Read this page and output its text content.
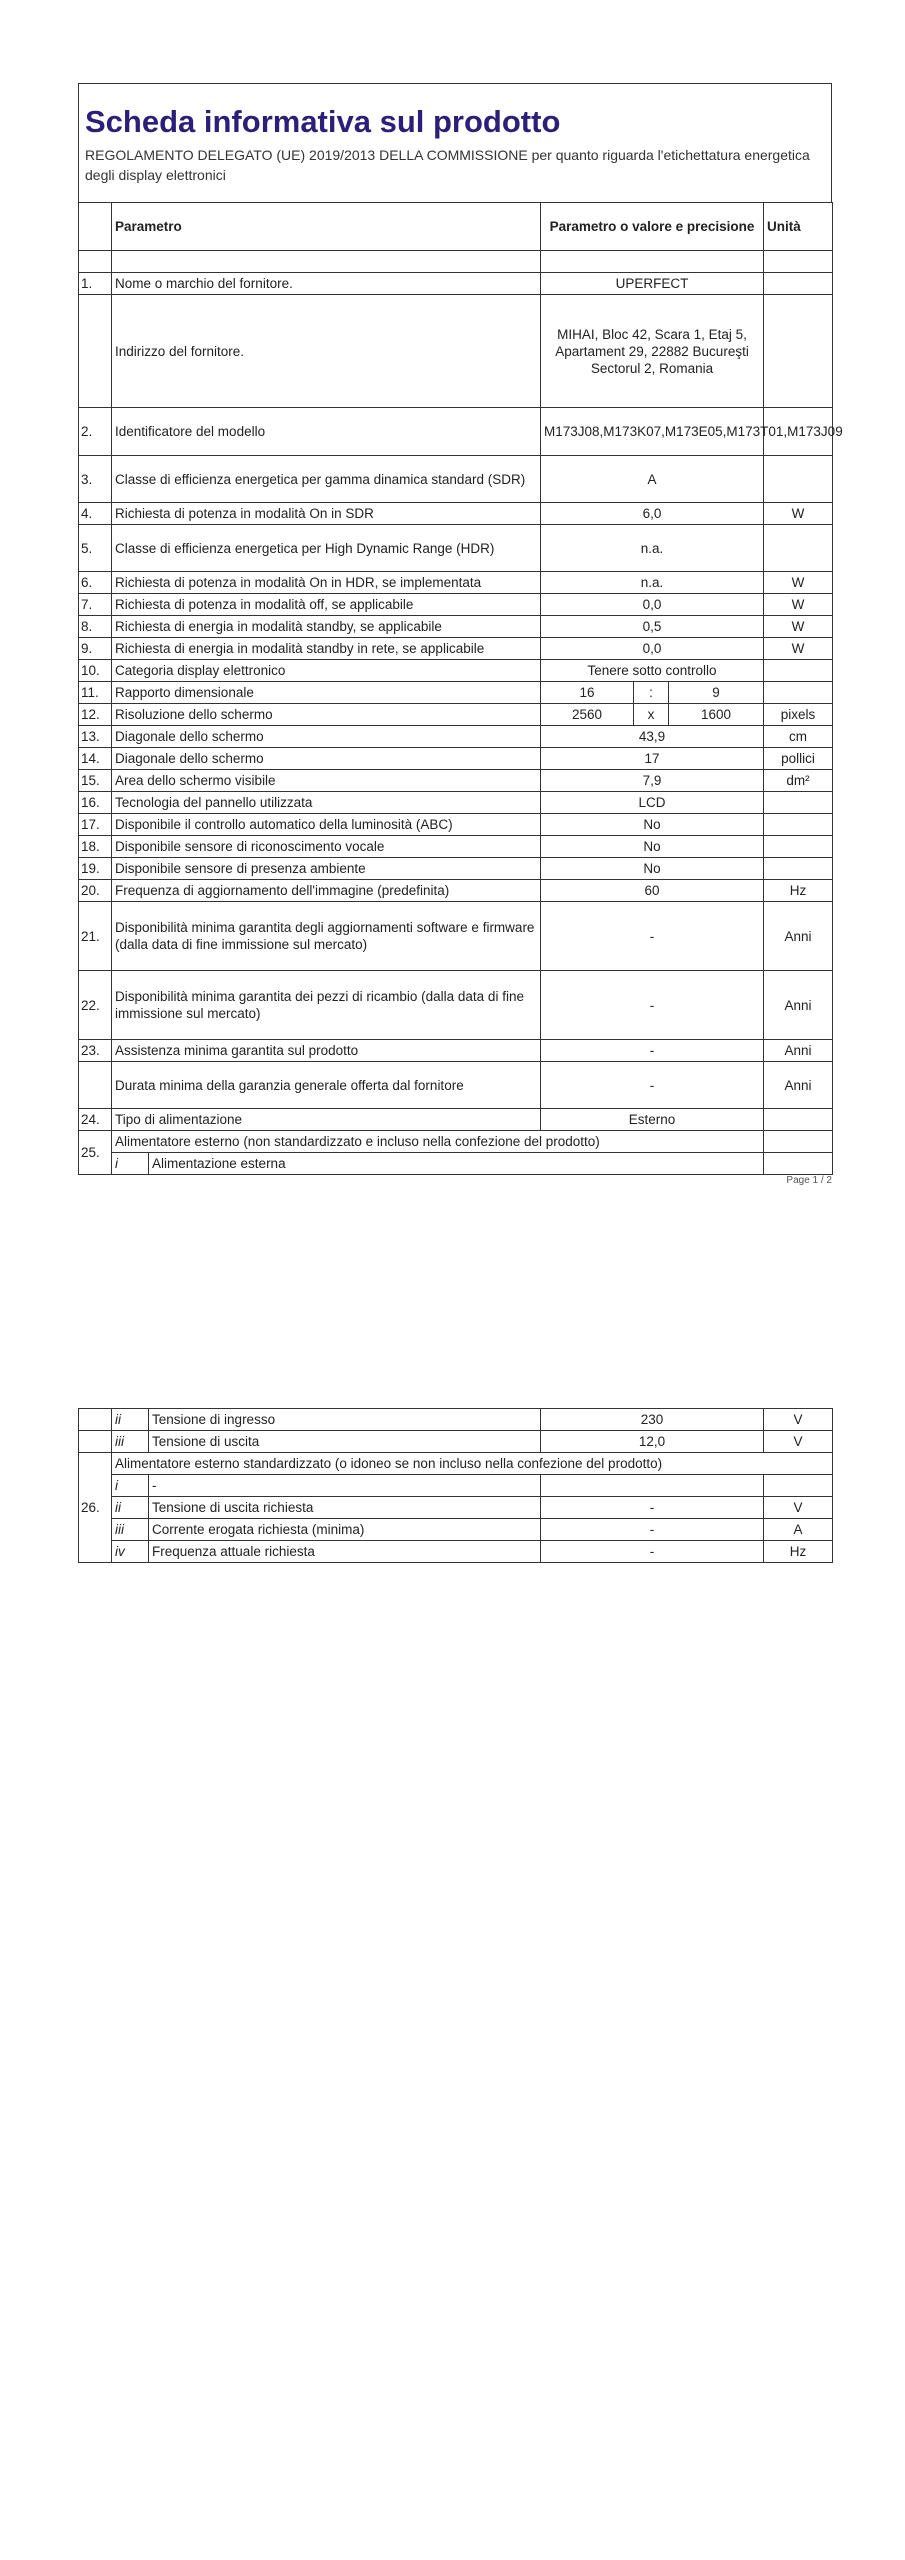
Scheda informativa sul prodotto
REGOLAMENTO DELEGATO (UE) 2019/2013 DELLA COMMISSIONE per quanto riguarda l'etichettatura energetica degli display elettronici
	Parametro		Parametro o valore e precisione			Unità

1.	Nome o marchio del fornitore.		UPERFECT			
	Indirizzo del fornitore.		MIHAI, Bloc 42, Scara 1, Etaj 5, Apartament 29, 22882 Bucureşti Sectorul 2, Romania			
2.	Identificatore del modello		M173J08,M173K07,M173E05,M173T01,M173J09			
3.	Classe di efficienza energetica per gamma dinamica standard (SDR)		A			
4.	Richiesta di potenza in modalità On in SDR		6,0			W
5.	Classe di efficienza energetica per High Dynamic Range (HDR)		n.a.			
6.	Richiesta di potenza in modalità On in HDR, se implementata		n.a.			W
7.	Richiesta di potenza in modalità off, se applicabile		0,0			W
8.	Richiesta di energia in modalità standby, se applicabile		0,5			W
9.	Richiesta di energia in modalità standby in rete, se applicabile		0,0			W
10.	Categoria display elettronico		Tenere sotto controllo			
11.	Rapporto dimensionale		16	:	9	
12.	Risoluzione dello schermo		2560	x	1600	pixels
13.	Diagonale dello schermo		43,9			cm
14.	Diagonale dello schermo		17			pollici
15.	Area dello schermo visibile		7,9			dm²
16.	Tecnologia del pannello utilizzata		LCD			
17.	Disponibile il controllo automatico della luminosità (ABC)		No			
18.	Disponibile sensore di riconoscimento vocale		No			
19.	Disponibile sensore di presenza ambiente		No			
20.	Frequenza di aggiornamento dell'immagine (predefinita)		60			Hz
21.	Disponibilità minima garantita degli aggiornamenti software e firmware (dalla data di fine immissione sul mercato)		-			Anni
22.	Disponibilità minima garantita dei pezzi di ricambio (dalla data di fine immissione sul mercato)		-			Anni
23.	Assistenza minima garantita sul prodotto		-			Anni
	Durata minima della garanzia generale offerta dal fornitore		-			Anni
24.	Tipo di alimentazione		Esterno			
25.	Alimentatore esterno (non standardizzato e incluso nella confezione del prodotto)					
	i	Alimentazione esterna				
Page 1 / 2
	ii	Tensione di ingresso	230	V
	iii	Tensione di uscita	12,0	V
26.	Alimentatore esterno standardizzato (o idoneo se non incluso nella confezione del prodotto)			
	i	-		
	ii	Tensione di uscita richiesta	-	V
	iii	Corrente erogata richiesta (minima)	-	A
	iv	Frequenza attuale richiesta	-	Hz
